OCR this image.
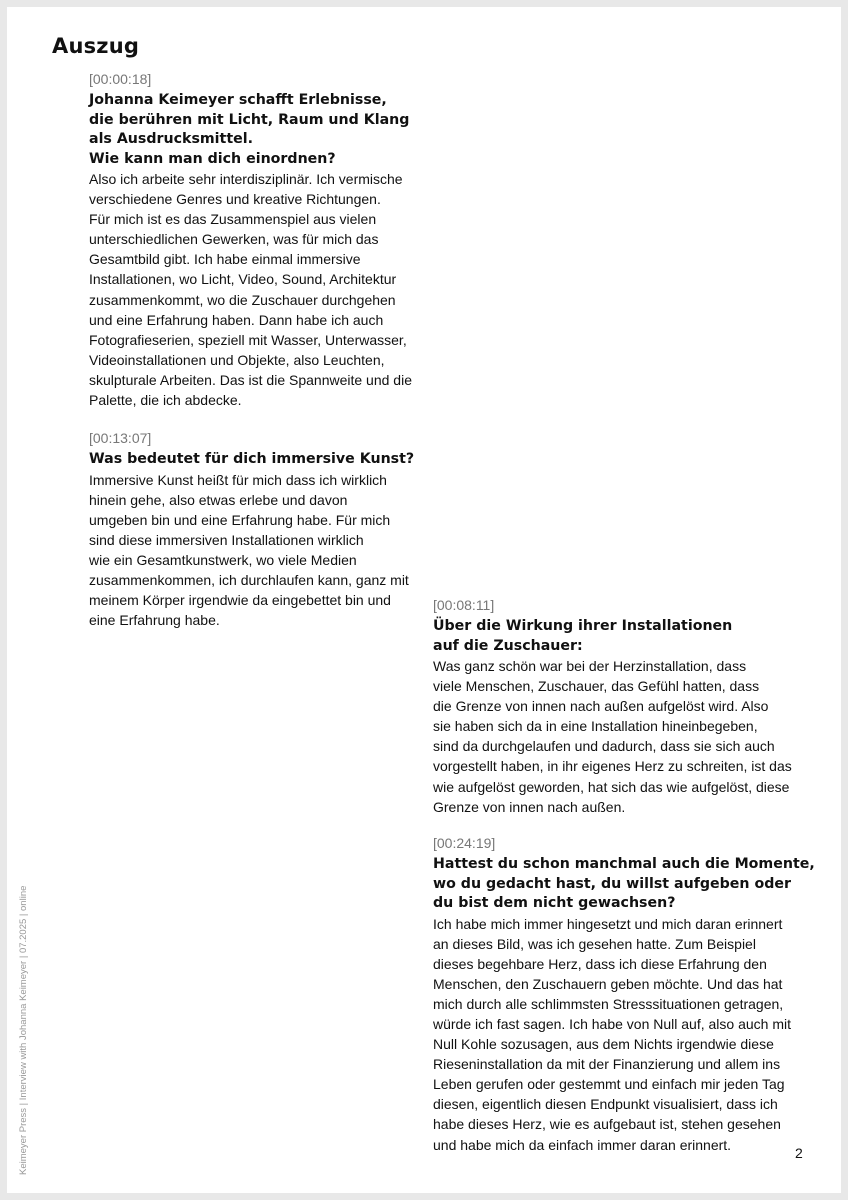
Auszug

[00:00:18]

Johanna Keimeyer schafft Erlebnisse,
die berühren mit Licht, Raum und Klang
als Ausdrucksmittel.
Wie kann man dich einordnen?

Also ich arbeite sehr interdisziplinär. Ich vermische
verschiedene Genres und kreative Richtungen.
Für mich ist es das Zusammenspiel aus vielen
unterschiedlichen Gewerken, was für mich das
Gesamtbild gibt. Ich habe einmal immersive
Installationen, wo Licht, Video, Sound, Architektur
zusammenkommt, wo die Zuschauer durchgehen
und eine Erfahrung haben. Dann habe ich auch
Fotografieserien, speziell mit Wasser, Unterwasser,
Videoinstallationen und Objekte, also Leuchten,
skulpturale Arbeiten. Das ist die Spannweite und die
Palette, die ich abdecke.

[00:13:07]

Was bedeutet für dich immersive Kunst?

Immersive Kunst heißt für mich dass ich wirklich
hinein gehe, also etwas erlebe und davon
umgeben bin und eine Erfahrung habe. Für mich
sind diese immersiven Installationen wirklich
wie ein Gesamtkunstwerk, wo viele Medien
zusammenkommen, ich durchlaufen kann, ganz mit
meinem Körper irgendwie da eingebettet bin und
eine Erfahrung habe.

[00:08:11]

Über die Wirkung ihrer Installationen
auf die Zuschauer:

Was ganz schön war bei der Herzinstallation, dass
viele Menschen, Zuschauer, das Gefühl hatten, dass
die Grenze von innen nach außen aufgelöst wird. Also
sie haben sich da in eine Installation hineinbegeben,
sind da durchgelaufen und dadurch, dass sie sich auch
vorgestellt haben, in ihr eigenes Herz zu schreiten, ist das
wie aufgelöst geworden, hat sich das wie aufgelöst, diese
Grenze von innen nach außen.

[00:24:19]

Hattest du schon manchmal auch die Momente,
wo du gedacht hast, du willst aufgeben oder
du bist dem nicht gewachsen?

Ich habe mich immer hingesetzt und mich daran erinnert
an dieses Bild, was ich gesehen hatte. Zum Beispiel
dieses begehbare Herz, dass ich diese Erfahrung den
Menschen, den Zuschauern geben möchte. Und das hat
mich durch alle schlimmsten Stresssituationen getragen,
würde ich fast sagen. Ich habe von Null auf, also auch mit
Null Kohle sozusagen, aus dem Nichts irgendwie diese
Rieseninstallation da mit der Finanzierung und allem ins
Leben gerufen oder gestemmt und einfach mir jeden Tag
diesen, eigentlich diesen Endpunkt visualisiert, dass ich
habe dieses Herz, wie es aufgebaut ist, stehen gesehen
und habe mich da einfach immer daran erinnert.

Keimeyer Press | Interview with Johanna Keimeyer | 07.2025 | online	2
